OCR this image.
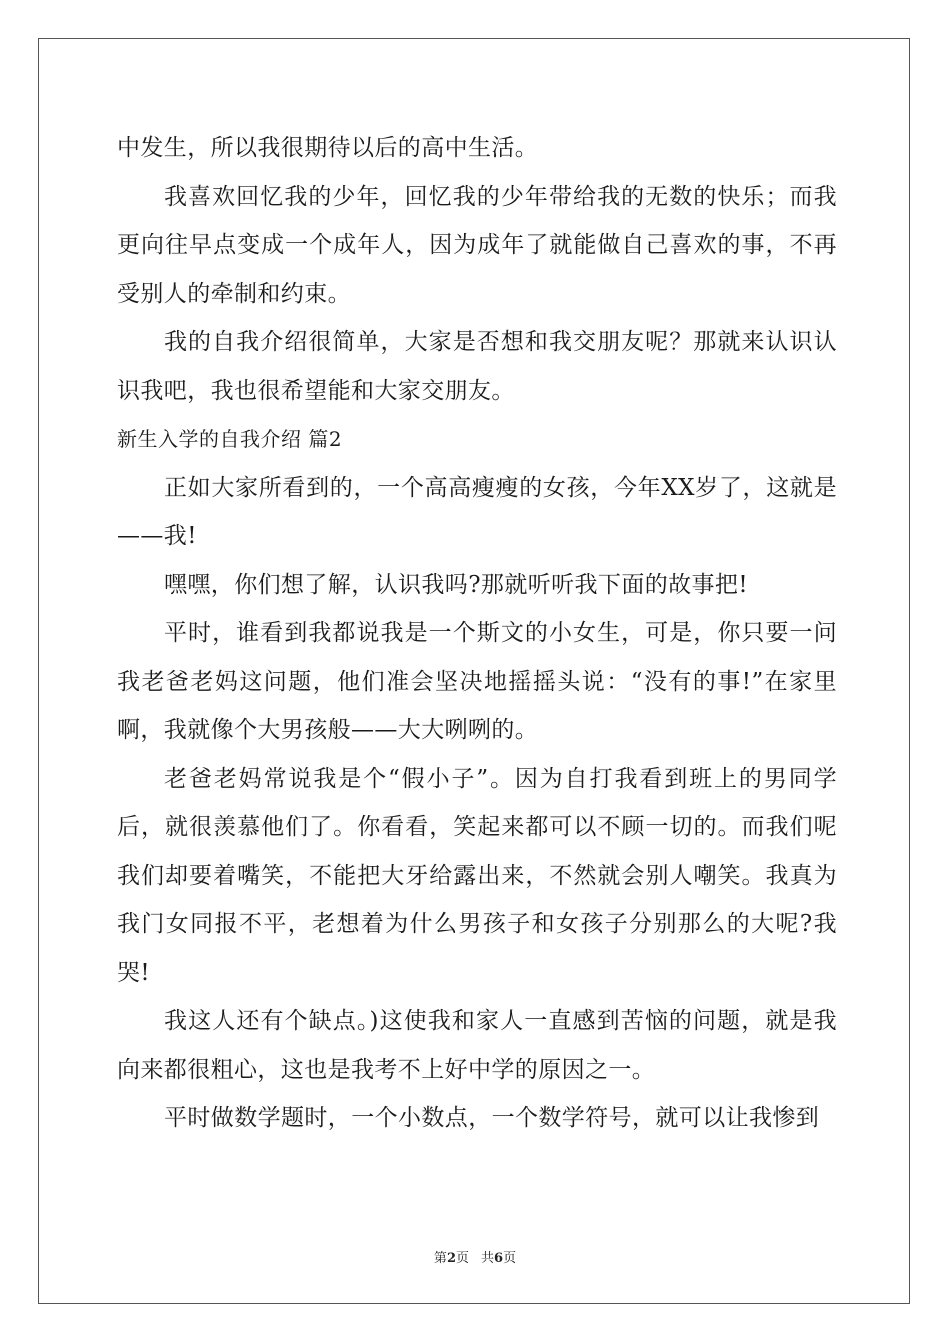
中发生，所以我很期待以后的高中生活。

我喜欢回忆我的少年，回忆我的少年带给我的无数的快乐；而我更向往早点变成一个成年人，因为成年了就能做自己喜欢的事，不再受别人的牵制和约束。

我的自我介绍很简单，大家是否想和我交朋友呢？那就来认识认识我吧，我也很希望能和大家交朋友。

新生入学的自我介绍 篇2

正如大家所看到的，一个高高瘦瘦的女孩，今年XX岁了，这就是——我!

嘿嘿，你们想了解，认识我吗?那就听听我下面的故事把!

平时，谁看到我都说我是一个斯文的小女生，可是，你只要一问我老爸老妈这问题，他们准会坚决地摇摇头说：“没有的事!”在家里啊，我就像个大男孩般——大大咧咧的。

老爸老妈常说我是个“假小子”。因为自打我看到班上的男同学后，就很羡慕他们了。你看看，笑起来都可以不顾一切的。而我们呢我们却要着嘴笑，不能把大牙给露出来，不然就会别人嘲笑。我真为我门女同报不平，老想着为什么男孩子和女孩子分别那么的大呢?我哭!

我这人还有个缺点。)这使我和家人一直感到苦恼的问题，就是我向来都很粗心，这也是我考不上好中学的原因之一。

平时做数学题时，一个小数点，一个数学符号，就可以让我惨到

第2页 共6页
